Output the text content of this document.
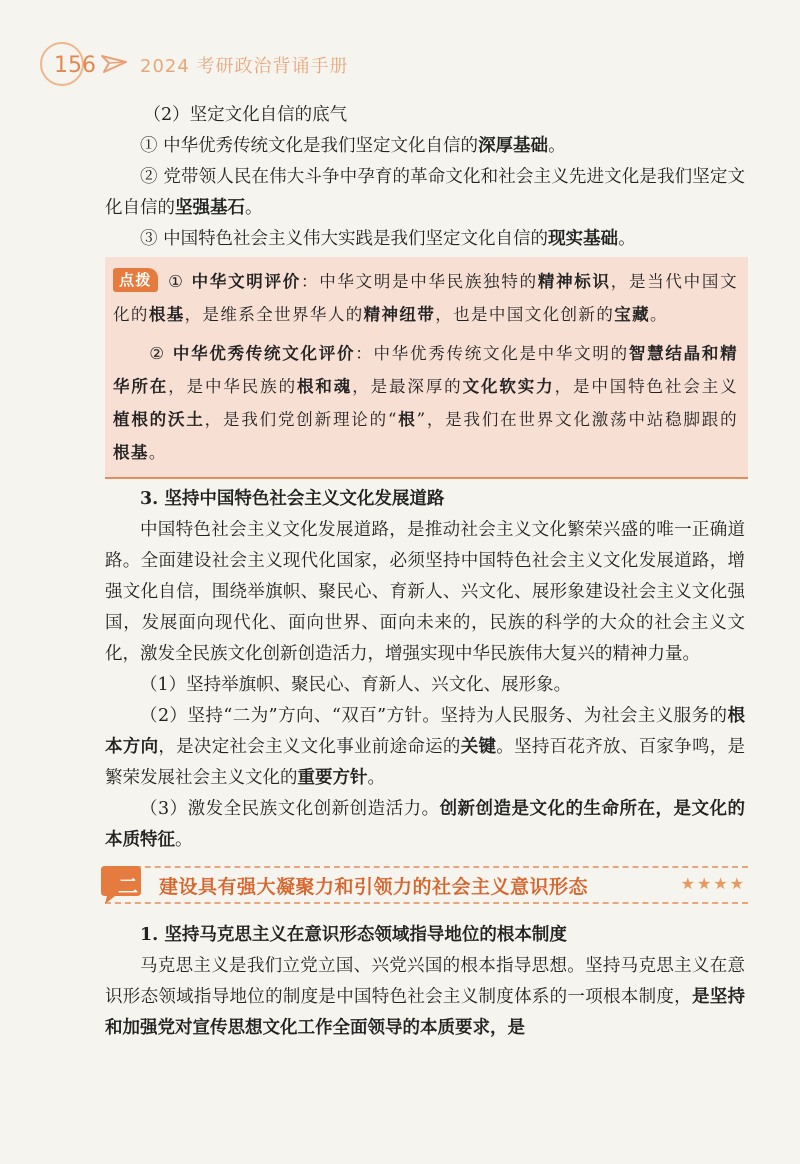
156 2024 考研政治背诵手册

（2）坚定文化自信的底气

① 中华优秀传统文化是我们坚定文化自信的深厚基础。

② 党带领人民在伟大斗争中孕育的革命文化和社会主义先进文化是我们坚定文化自信的坚强基石。

③ 中国特色社会主义伟大实践是我们坚定文化自信的现实基础。

点拨 ① 中华文明评价：中华文明是中华民族独特的精神标识，是当代中国文化的根基，是维系全世界华人的精神纽带，也是中国文化创新的宝藏。

② 中华优秀传统文化评价：中华优秀传统文化是中华文明的智慧结晶和精华所在，是中华民族的根和魂，是最深厚的文化软实力，是中国特色社会主义植根的沃土，是我们党创新理论的“根”，是我们在世界文化激荡中站稳脚跟的根基。

3. 坚持中国特色社会主义文化发展道路

中国特色社会主义文化发展道路，是推动社会主义文化繁荣兴盛的唯一正确道路。全面建设社会主义现代化国家，必须坚持中国特色社会主义文化发展道路，增强文化自信，围绕举旗帜、聚民心、育新人、兴文化、展形象建设社会主义文化强国，发展面向现代化、面向世界、面向未来的，民族的科学的大众的社会主义文化，激发全民族文化创新创造活力，增强实现中华民族伟大复兴的精神力量。

（1）坚持举旗帜、聚民心、育新人、兴文化、展形象。

（2）坚持“二为”方向、“双百”方针。坚持为人民服务、为社会主义服务的根本方向，是决定社会主义文化事业前途命运的关键。坚持百花齐放、百家争鸣，是繁荣发展社会主义文化的重要方针。

（3）激发全民族文化创新创造活力。创新创造是文化的生命所在，是文化的本质特征。

二	建设具有强大凝聚力和引领力的社会主义意识形态	★★★★

1. 坚持马克思主义在意识形态领域指导地位的根本制度

马克思主义是我们立党立国、兴党兴国的根本指导思想。坚持马克思主义在意识形态领域指导地位的制度是中国特色社会主义制度体系的一项根本制度，是坚持和加强党对宣传思想文化工作全面领导的本质要求，是
